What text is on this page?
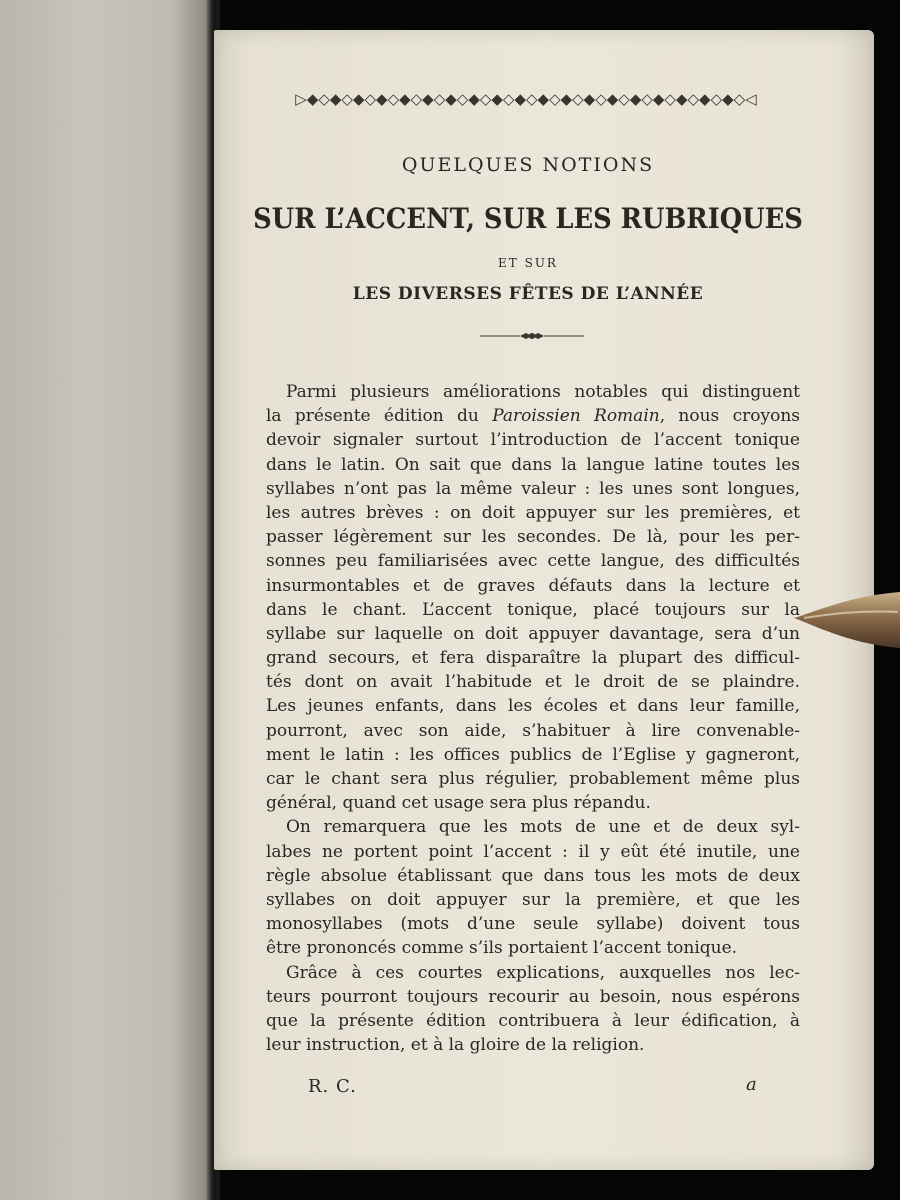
▷◆◇◆◇◆◇◆◇◆◇◆◇◆◇◆◇◆◇◆◇◆◇◆◇◆◇◆◇◆◇◆◇◆◇◆◇◆◇◁
QUELQUES NOTIONS
SUR L’ACCENT, SUR LES RUBRIQUES
ET SUR
LES DIVERSES FÊTES DE L’ANNÉE
Parmi plusieurs améliorations notables qui distinguent
la présente édition du Paroissien Romain, nous croyons
devoir signaler surtout l’introduction de l’accent tonique
dans le latin. On sait que dans la langue latine toutes les
syllabes n’ont pas la même valeur : les unes sont longues,
les autres brèves : on doit appuyer sur les premières, et
passer légèrement sur les secondes. De là, pour les per-
sonnes peu familiarisées avec cette langue, des difficultés
insurmontables et de graves défauts dans la lecture et
dans le chant. L’accent tonique, placé toujours sur la
syllabe sur laquelle on doit appuyer davantage, sera d’un
grand secours, et fera disparaître la plupart des difficul-
tés dont on avait l’habitude et le droit de se plaindre.
Les jeunes enfants, dans les écoles et dans leur famille,
pourront, avec son aide, s’habituer à lire convenable-
ment le latin : les offices publics de l’Eglise y gagneront,
car le chant sera plus régulier, probablement même plus
général, quand cet usage sera plus répandu.
On remarquera que les mots de une et de deux syl-
labes ne portent point l’accent : il y eût été inutile, une
règle absolue établissant que dans tous les mots de deux
syllabes on doit appuyer sur la première, et que les
monosyllabes (mots d’une seule syllabe) doivent tous
être prononcés comme s’ils portaient l’accent tonique.
Grâce à ces courtes explications, auxquelles nos lec-
teurs pourront toujours recourir au besoin, nous espérons
que la présente édition contribuera à leur édification, à
leur instruction, et à la gloire de la religion.
R. C.	a
